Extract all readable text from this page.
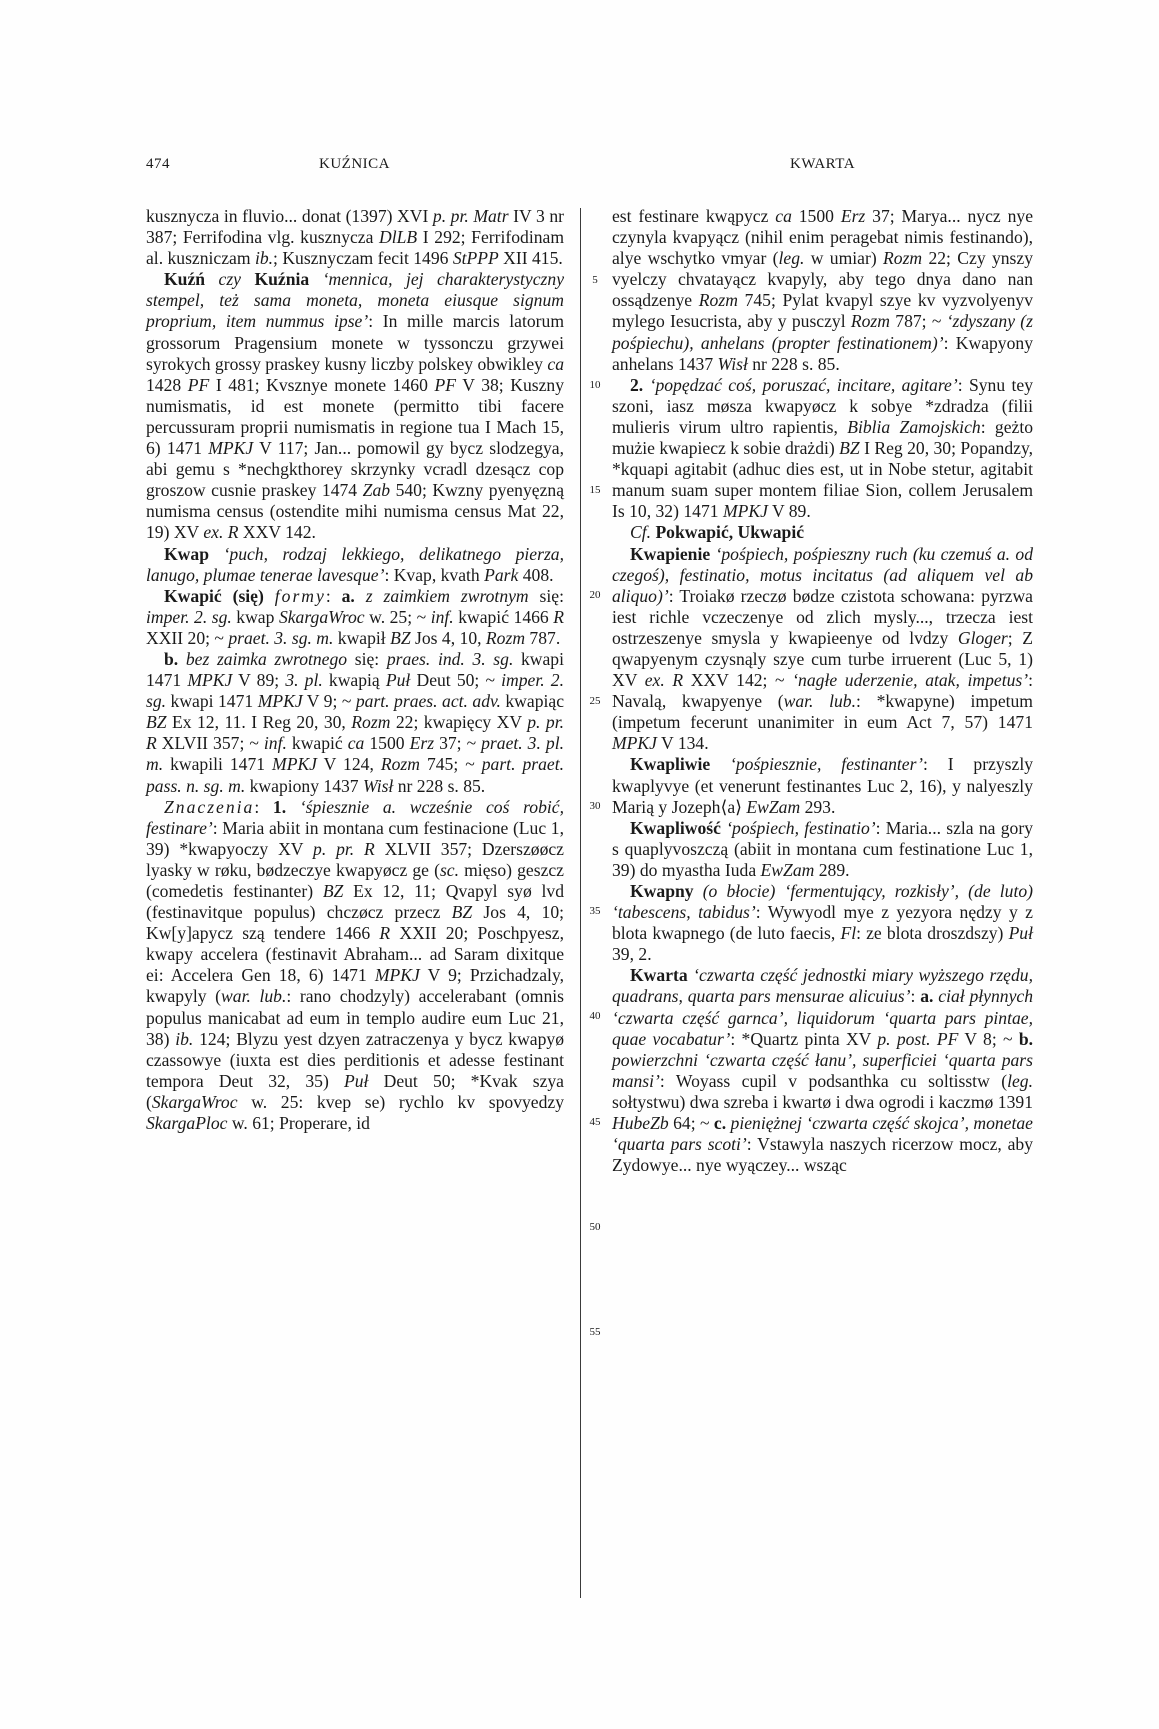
474	KUŹNICA	KWARTA

kusznycza in fluvio... donat (1397) XVI p. pr. Matr IV 3 nr 387; Ferrifodina vlg. kusznycza DlLB I 292; Ferrifodinam al. kuszniczam ib.; Kusznyczam fecit 1496 StPPP XII 415.

Kuźń czy Kuźnia ‘mennica, jej charakterystyczny stempel, też sama moneta, moneta eiusque signum proprium, item nummus ipse’: In mille marcis latorum grossorum Pragensium monete w tyssonczu grzywei syrokych grossy praskey kusny liczby polskey obwikley ca 1428 PF I 481; Kvsznye monete 1460 PF V 38; Kuszny numismatis, id est monete (permitto tibi facere percussuram proprii numismatis in regione tua I Mach 15, 6) 1471 MPKJ V 117; Jan... pomowil gy bycz slodzegya, abi gemu s *nechgkthorey skrzynky vcradl dzesącz cop groszow cusnie praskey 1474 Zab 540; Kwzny pyenyęzną numisma census (ostendite mihi numisma census Mat 22, 19) XV ex. R XXV 142.

Kwap ‘puch, rodzaj lekkiego, delikatnego pierza, lanugo, plumae tenerae lavesque’: Kvap, kvath Park 408.

Kwapić (się) formy: a. z zaimkiem zwrotnym się: imper. 2. sg. kwap SkargaWroc w. 25; ~ inf. kwapić 1466 R XXII 20; ~ praet. 3. sg. m. kwapił BZ Jos 4, 10, Rozm 787.

b. bez zaimka zwrotnego się: praes. ind. 3. sg. kwapi 1471 MPKJ V 89; 3. pl. kwapią Puł Deut 50; ~ imper. 2. sg. kwapi 1471 MPKJ V 9; ~ part. praes. act. adv. kwapiąc BZ Ex 12, 11. I Reg 20, 30, Rozm 22; kwapięcy XV p. pr. R XLVII 357; ~ inf. kwapić ca 1500 Erz 37; ~ praet. 3. pl. m. kwapili 1471 MPKJ V 124, Rozm 745; ~ part. praet. pass. n. sg. m. kwapiony 1437 Wisł nr 228 s. 85.

Znaczenia: 1. ‘śpiesznie a. wcześnie coś robić, festinare’: Maria abiit in montana cum festinacione (Luc 1, 39) *kwapyoczy XV p. pr. R XLVII 357; Dzerszøøcz lyasky w røku, bødzeczye kwapyøcz ge (sc. mięso) geszcz (comedetis festinanter) BZ Ex 12, 11; Qvapyl syø lvd (festinavitque populus) chczøcz przecz BZ Jos 4, 10; Kw[y]apycz szą tendere 1466 R XXII 20; Poschpyesz, kwapy accelera (festinavit Abraham... ad Saram dixitque ei: Accelera Gen 18, 6) 1471 MPKJ V 9; Przichadzaly, kwapyly (war. lub.: rano chodzyly) accelerabant (omnis populus manicabat ad eum in templo audire eum Luc 21, 38) ib. 124; Blyzu yest dzyen zatraczenya y bycz kwapyø czassowye (iuxta est dies perditionis et adesse festinant tempora Deut 32, 35) Puł Deut 50; *Kvak szya (SkargaWroc w. 25: kvep se) rychlo kv spovyedzy SkargaPloc w. 61; Properare, id

5
10
15
20
25
30
35
40
45
50
55

est festinare kwąpycz ca 1500 Erz 37; Marya... nycz nye czynyla kvapyącz (nihil enim peragebat nimis festinando), alye wschytko vmyar (leg. w umiar) Rozm 22; Czy ynszy vyelczy chvatayącz kvapyly, aby tego dnya dano nan ossądzenye Rozm 745; Pylat kvapyl szye kv vyzvolyenyv mylego Iesucrista, aby y pusczyl Rozm 787; ~ ‘zdyszany (z pośpiechu), anhelans (propter festinationem)’: Kwapyony anhelans 1437 Wisł nr 228 s. 85.

2. ‘popędzać coś, poruszać, incitare, agitare’: Synu tey szoni, iasz møsza kwapyøcz k sobye *zdradza (filii mulieris virum ultro rapientis, Biblia Zamojskich: geżto mużie kwapiecz k sobie drażdi) BZ I Reg 20, 30; Popandzy, *kquapi agitabit (adhuc dies est, ut in Nobe stetur, agitabit manum suam super montem filiae Sion, collem Jerusalem Is 10, 32) 1471 MPKJ V 89.

Cf. Pokwapić, Ukwapić

Kwapienie ‘pośpiech, pośpieszny ruch (ku czemuś a. od czegoś), festinatio, motus incitatus (ad aliquem vel ab aliquo)’: Troiakø rzeczø bødze czistota schowana: pyrzwa iest richle vczeczenye od zlich mysly..., trzecza iest ostrzeszenye smysla y kwapieenye od lvdzy Gloger; Z qwapyenym czysnąly szye cum turbe irruerent (Luc 5, 1) XV ex. R XXV 142; ~ ‘nagłe uderzenie, atak, impetus’: Navalą, kwapyenye (war. lub.: *kwapyne) impetum (impetum fecerunt unanimiter in eum Act 7, 57) 1471 MPKJ V 134.

Kwapliwie ‘pośpiesznie, festinanter’: I przyszly kwaplyvye (et venerunt festinantes Luc 2, 16), y nalyeszly Marią y Jozeph⟨a⟩ EwZam 293.

Kwapliwość ‘pośpiech, festinatio’: Maria... szla na gory s quaplyvoszczą (abiit in montana cum festinatione Luc 1, 39) do myastha Iuda EwZam 289.

Kwapny (o błocie) ‘fermentujący, rozkisły’, (de luto) ‘tabescens, tabidus’: Wywyodl mye z yezyora nędzy y z blota kwapnego (de luto faecis, Fl: ze blota droszdszy) Puł 39, 2.

Kwarta ‘czwarta część jednostki miary wyższego rzędu, quadrans, quarta pars mensurae alicuius’: a. ciał płynnych ‘czwarta część garnca’, liquidorum ‘quarta pars pintae, quae vocabatur’: *Quartz pinta XV p. post. PF V 8; ~ b. powierzchni ‘czwarta część łanu’, superficiei ‘quarta pars mansi’: Woyass cupil v podsanthka cu soltisstw (leg. sołtystwu) dwa szreba i kwartø i dwa ogrodi i kaczmø 1391 HubeZb 64; ~ c. pieniężnej ‘czwarta część skojca’, monetae ‘quarta pars scoti’: Vstawyla naszych ricerzow mocz, aby Zydowye... nye wyączey... wsząc
